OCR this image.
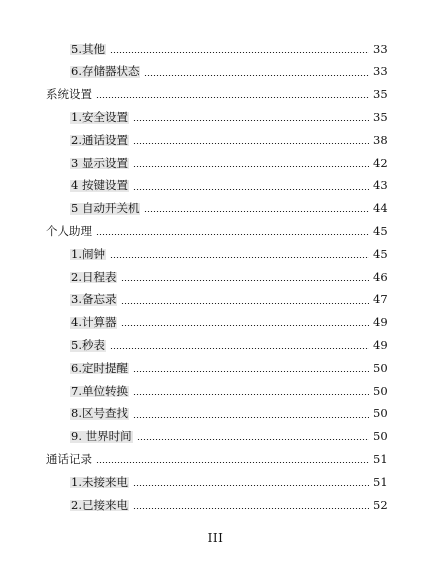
5.其他	33
6.存储器状态	33
系统设置	35
1.安全设置	35
2.通话设置	38
3 显示设置	42
4 按键设置	43
5 自动开关机	44
个人助理	45
1.闹钟	45
2.日程表	46
3.备忘录	47
4.计算器	49
5.秒表	49
6.定时提醒	50
7.单位转换	50
8.区号查找	50
9. 世界时间	50
通话记录	51
1.未接来电	51
2.已接来电	52
III
